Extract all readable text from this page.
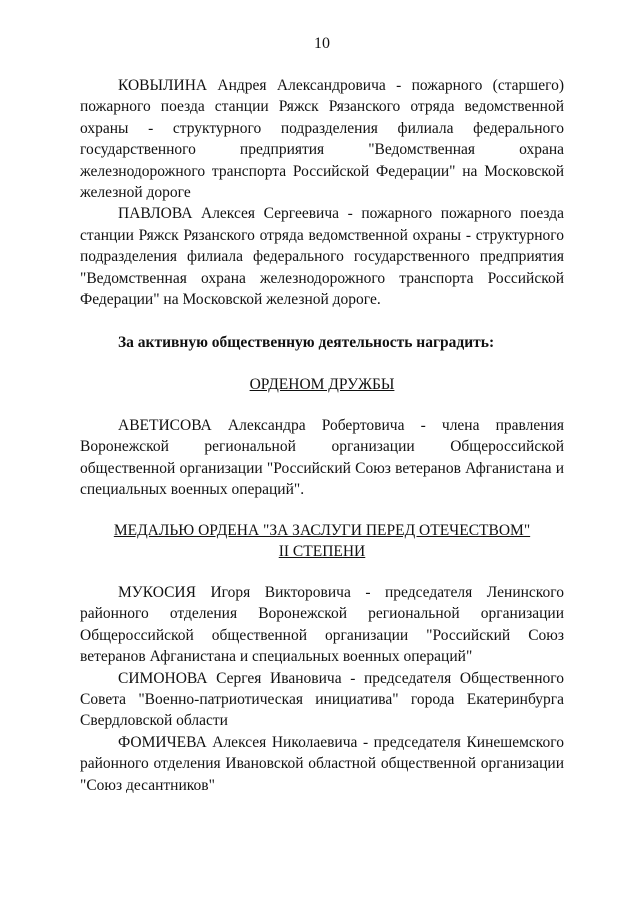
10

КОВЫЛИНА Андрея Александровича - пожарного (старшего) пожарного поезда станции Ряжск Рязанского отряда ведомственной охраны - структурного подразделения филиала федерального государственного предприятия "Ведомственная охрана железнодорожного транспорта Российской Федерации" на Московской железной дороге

ПАВЛОВА Алексея Сергеевича - пожарного пожарного поезда станции Ряжск Рязанского отряда ведомственной охраны - структурного подразделения филиала федерального государственного предприятия "Ведомственная охрана железнодорожного транспорта Российской Федерации" на Московской железной дороге.

За активную общественную деятельность наградить:

ОРДЕНОМ ДРУЖБЫ

АВЕТИСОВА Александра Робертовича - члена правления Воронежской региональной организации Общероссийской общественной организации "Российский Союз ветеранов Афганистана и специальных военных операций".

МЕДАЛЬЮ ОРДЕНА "ЗА ЗАСЛУГИ ПЕРЕД ОТЕЧЕСТВОМ"

II СТЕПЕНИ

МУКОСИЯ Игоря Викторовича - председателя Ленинского районного отделения Воронежской региональной организации Общероссийской общественной организации "Российский Союз ветеранов Афганистана и специальных военных операций"

СИМОНОВА Сергея Ивановича - председателя Общественного Совета "Военно-патриотическая инициатива" города Екатеринбурга Свердловской области

ФОМИЧЕВА Алексея Николаевича - председателя Кинешемского районного отделения Ивановской областной общественной организации "Союз десантников"
